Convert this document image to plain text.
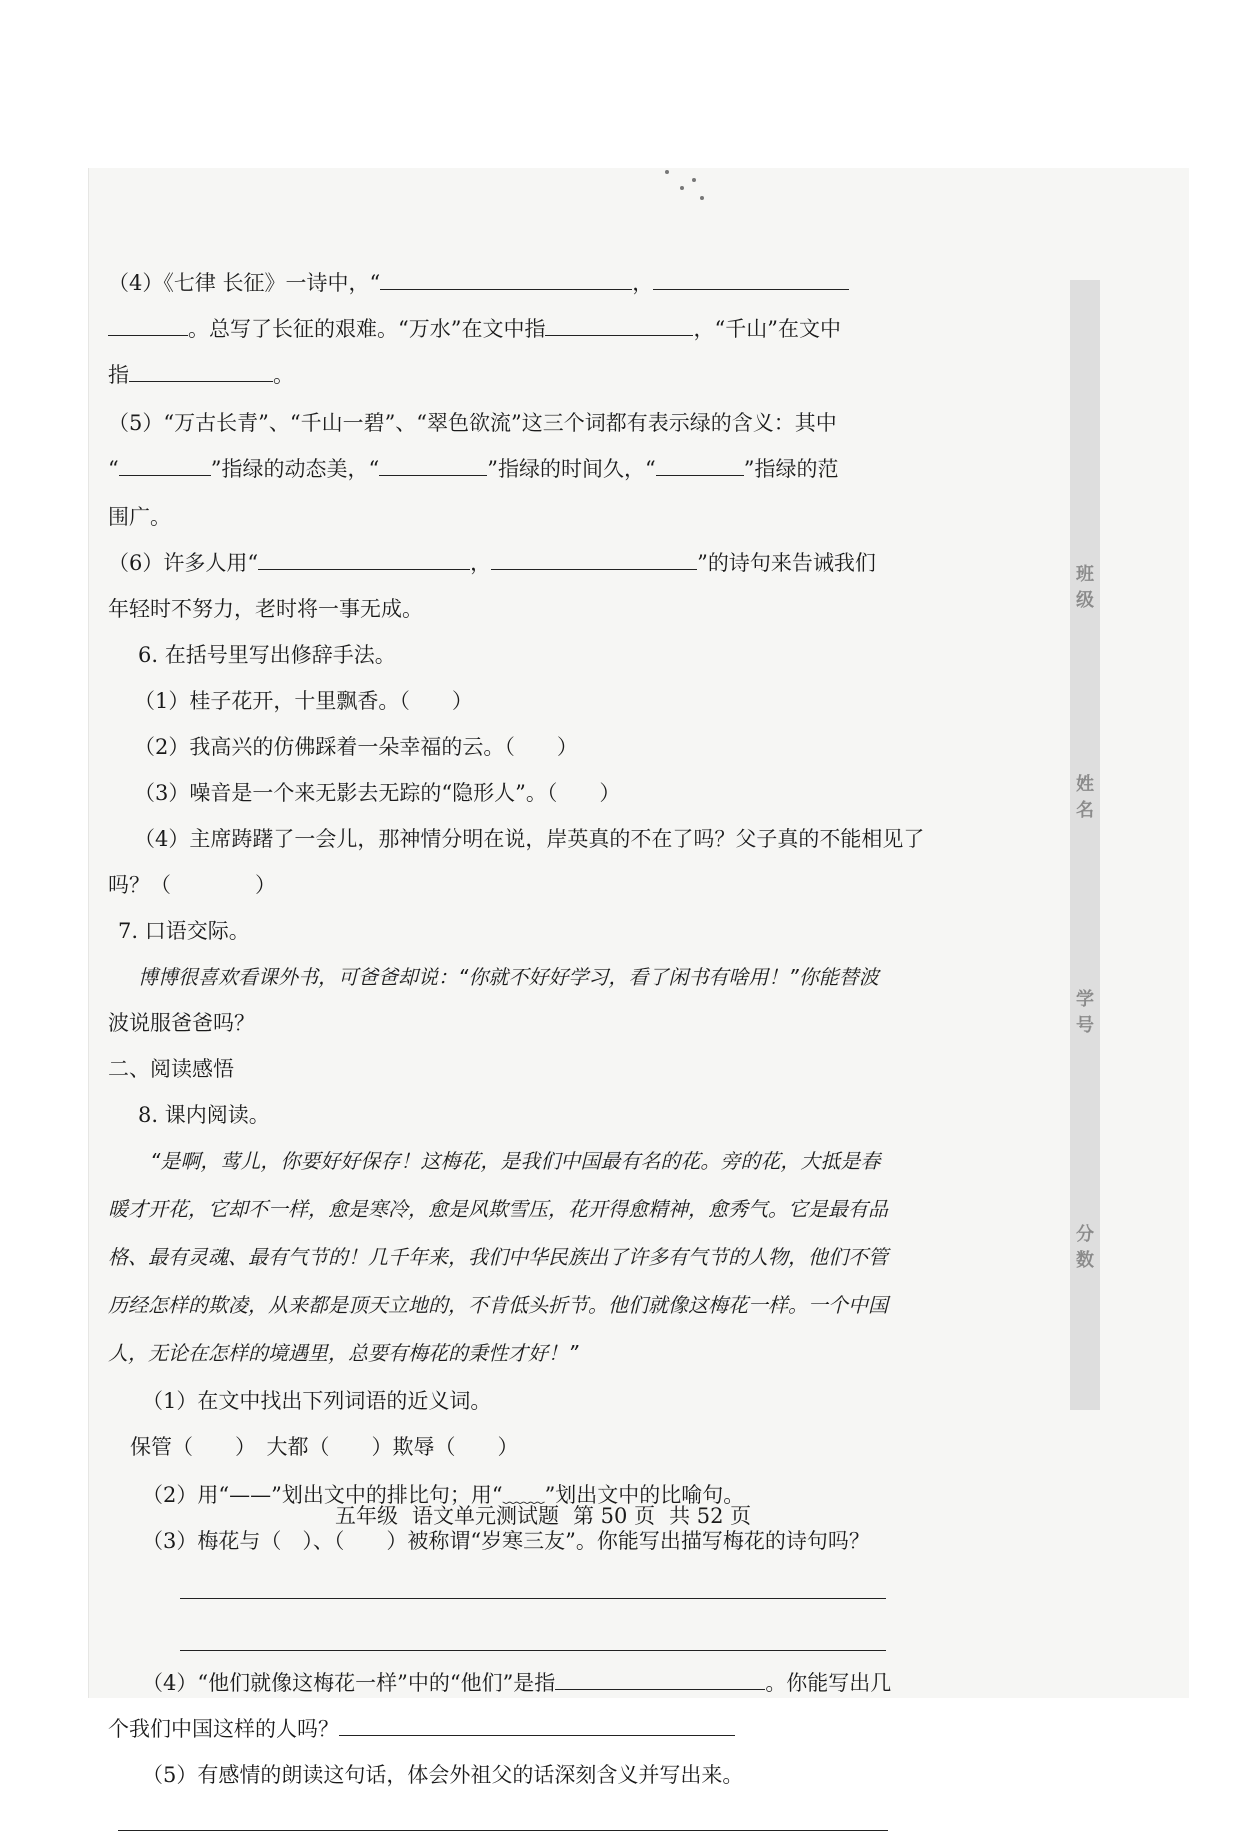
班级
姓名
学号
分数
（4）《七律 长征》一诗中，“	，
。总写了长征的艰难。“万水”在文中指	，“千山”在文中
指	。
（5）“万古长青”、“千山一碧”、“翠色欲流”这三个词都有表示绿的含义：其中
“	”指绿的动态美，“	”指绿的时间久，“	”指绿的范
围广。
（6）许多人用“	，	”的诗句来告诫我们
年轻时不努力，老时将一事无成。
6. 在括号里写出修辞手法。
（1）桂子花开，十里飘香。（　　）
（2）我高兴的仿佛踩着一朵幸福的云。（　　）
（3）噪音是一个来无影去无踪的“隐形人”。（　　）
（4）主席踌躇了一会儿，那神情分明在说，岸英真的不在了吗？父子真的不能相见了
吗？（　　　　）
7. 口语交际。
博博很喜欢看课外书，可爸爸却说：“你就不好好学习，看了闲书有啥用！”你能替波
波说服爸爸吗？
二、阅读感悟
8. 课内阅读。
“是啊，莺儿，你要好好保存！这梅花，是我们中国最有名的花。旁的花，大抵是春
暖才开花，它却不一样，愈是寒冷，愈是风欺雪压，花开得愈精神，愈秀气。它是最有品
格、最有灵魂、最有气节的！几千年来，我们中华民族出了许多有气节的人物，他们不管
历经怎样的欺凌，从来都是顶天立地的，不肯低头折节。他们就像这梅花一样。一个中国
人，无论在怎样的境遇里，总要有梅花的秉性才好！”
（1）在文中找出下列词语的近义词。
保管（　　）　大都（　　）欺辱（　　）
（2）用“——”划出文中的排比句；用“﹏﹏”划出文中的比喻句。
（3）梅花与（　）、（　　）被称谓“岁寒三友”。你能写出描写梅花的诗句吗？
（4）“他们就像这梅花一样”中的“他们”是指	。你能写出几
个我们中国这样的人吗？
（5）有感情的朗读这句话，体会外祖父的话深刻含义并写出来。
五年级 语文单元测试题 第 50 页 共 52 页
